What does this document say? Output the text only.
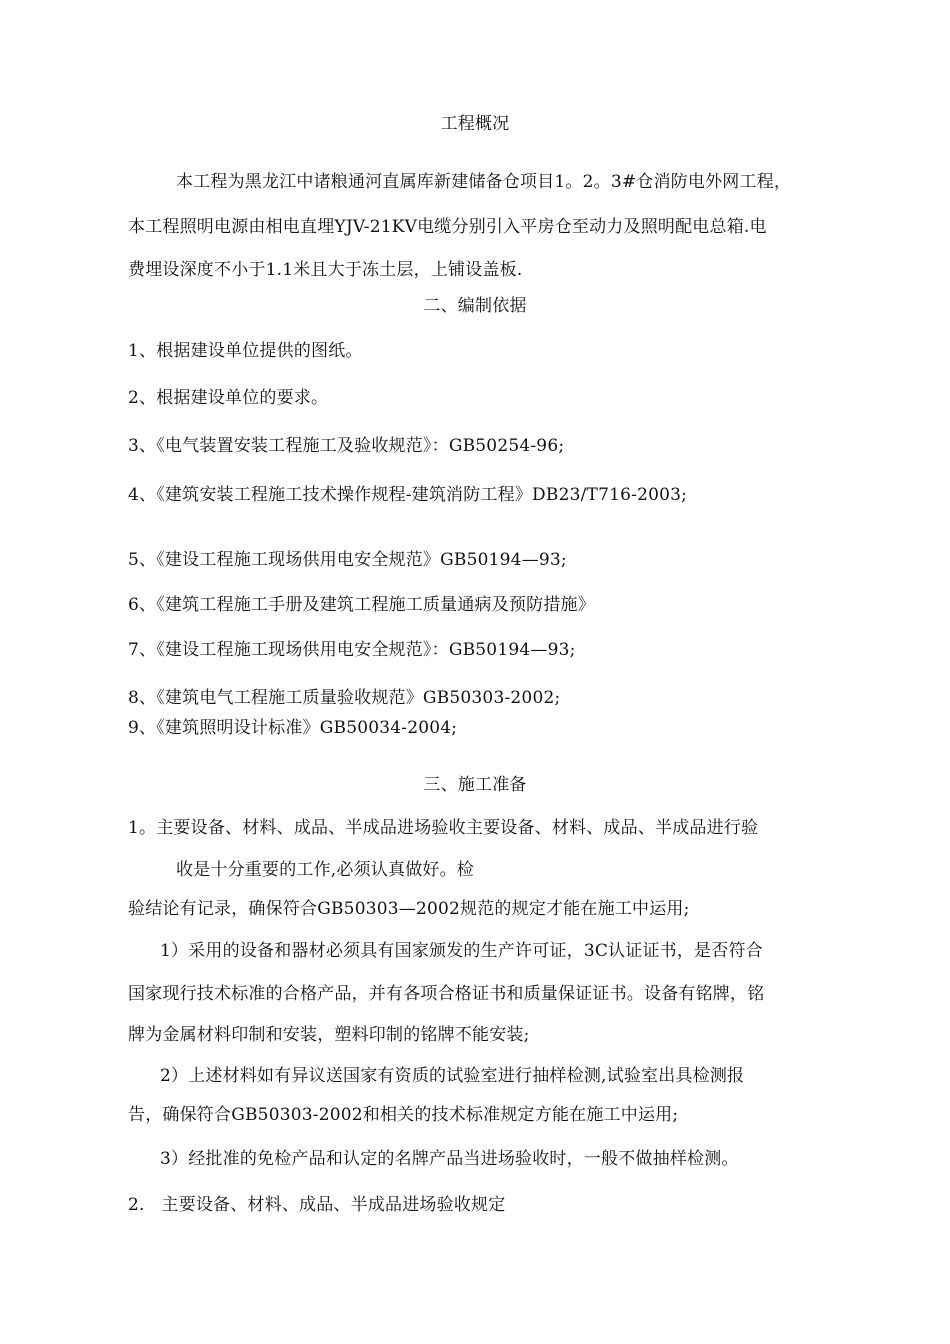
工程概况
本工程为黑龙江中诸粮通河直属库新建储备仓项目1。2。3#仓消防电外网工程，
本工程照明电源由相电直埋YJV-21KV电缆分别引入平房仓至动力及照明配电总箱.电
费埋设深度不小于1.1米且大于冻土层，上铺设盖板.
二、编制依据
1、根据建设单位提供的图纸。
2、根据建设单位的要求。
3、《电气装置安装工程施工及验收规范》：GB50254-96;
4、《建筑安装工程施工技术操作规程-建筑消防工程》DB23/T716-2003;
5、《建设工程施工现场供用电安全规范》GB50194—93;
6、《建筑工程施工手册及建筑工程施工质量通病及预防措施》
7、《建设工程施工现场供用电安全规范》：GB50194—93;
8、《建筑电气工程施工质量验收规范》GB50303-2002;
9、《建筑照明设计标准》GB50034-2004;
三、施工准备
1。主要设备、材料、成品、半成品进场验收主要设备、材料、成品、半成品进行验
收是十分重要的工作,必须认真做好。检
验结论有记录，确保符合GB50303—2002规范的规定才能在施工中运用;
1）采用的设备和器材必须具有国家颁发的生产许可证，3C认证证书，是否符合
国家现行技术标准的合格产品，并有各项合格证书和质量保证证书。设备有铭牌，铭
牌为金属材料印制和安装，塑料印制的铭牌不能安装;
2）上述材料如有异议送国家有资质的试验室进行抽样检测,试验室出具检测报
告，确保符合GB50303-2002和相关的技术标准规定方能在施工中运用;
3）经批准的免检产品和认定的名牌产品当进场验收时，一般不做抽样检测。
2.   主要设备、材料、成品、半成品进场验收规定
